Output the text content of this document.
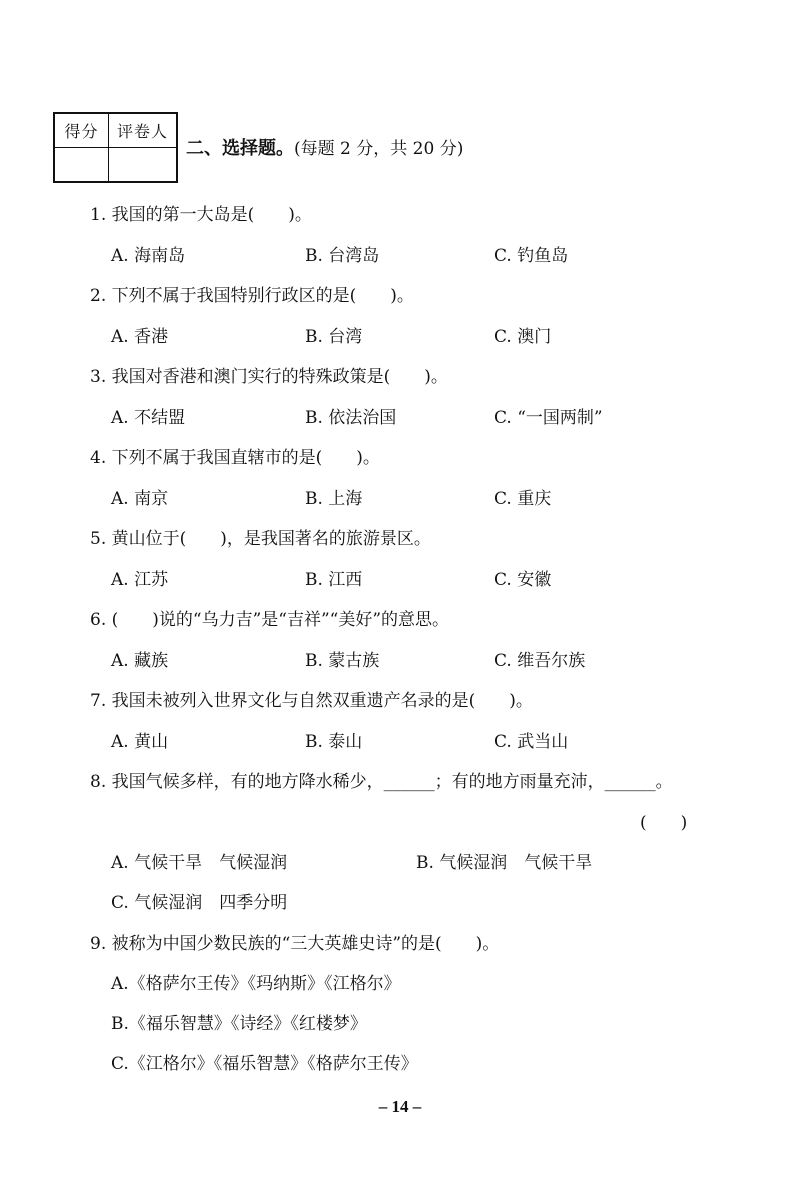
得分	评卷人
二、选择题。(每题 2 分，共 20 分)
1. 我国的第一大岛是(　　)。
A. 海南岛	B. 台湾岛	C. 钓鱼岛
2. 下列不属于我国特别行政区的是(　　)。
A. 香港	B. 台湾	C. 澳门
3. 我国对香港和澳门实行的特殊政策是(　　)。
A. 不结盟	B. 依法治国	C. “一国两制”
4. 下列不属于我国直辖市的是(　　)。
A. 南京	B. 上海	C. 重庆
5. 黄山位于(　　)，是我国著名的旅游景区。
A. 江苏	B. 江西	C. 安徽
6. (　　)说的“乌力吉”是“吉祥”“美好”的意思。
A. 藏族	B. 蒙古族	C. 维吾尔族
7. 我国未被列入世界文化与自然双重遗产名录的是(　　)。
A. 黄山	B. 泰山	C. 武当山
8. 我国气候多样，有的地方降水稀少，______；有的地方雨量充沛，______。
(　　)
A. 气候干旱　气候湿润	B. 气候湿润　气候干旱
C. 气候湿润　四季分明
9. 被称为中国少数民族的“三大英雄史诗”的是(　　)。
A.《格萨尔王传》《玛纳斯》《江格尔》
B.《福乐智慧》《诗经》《红楼梦》
C.《江格尔》《福乐智慧》《格萨尔王传》
– 14 –
